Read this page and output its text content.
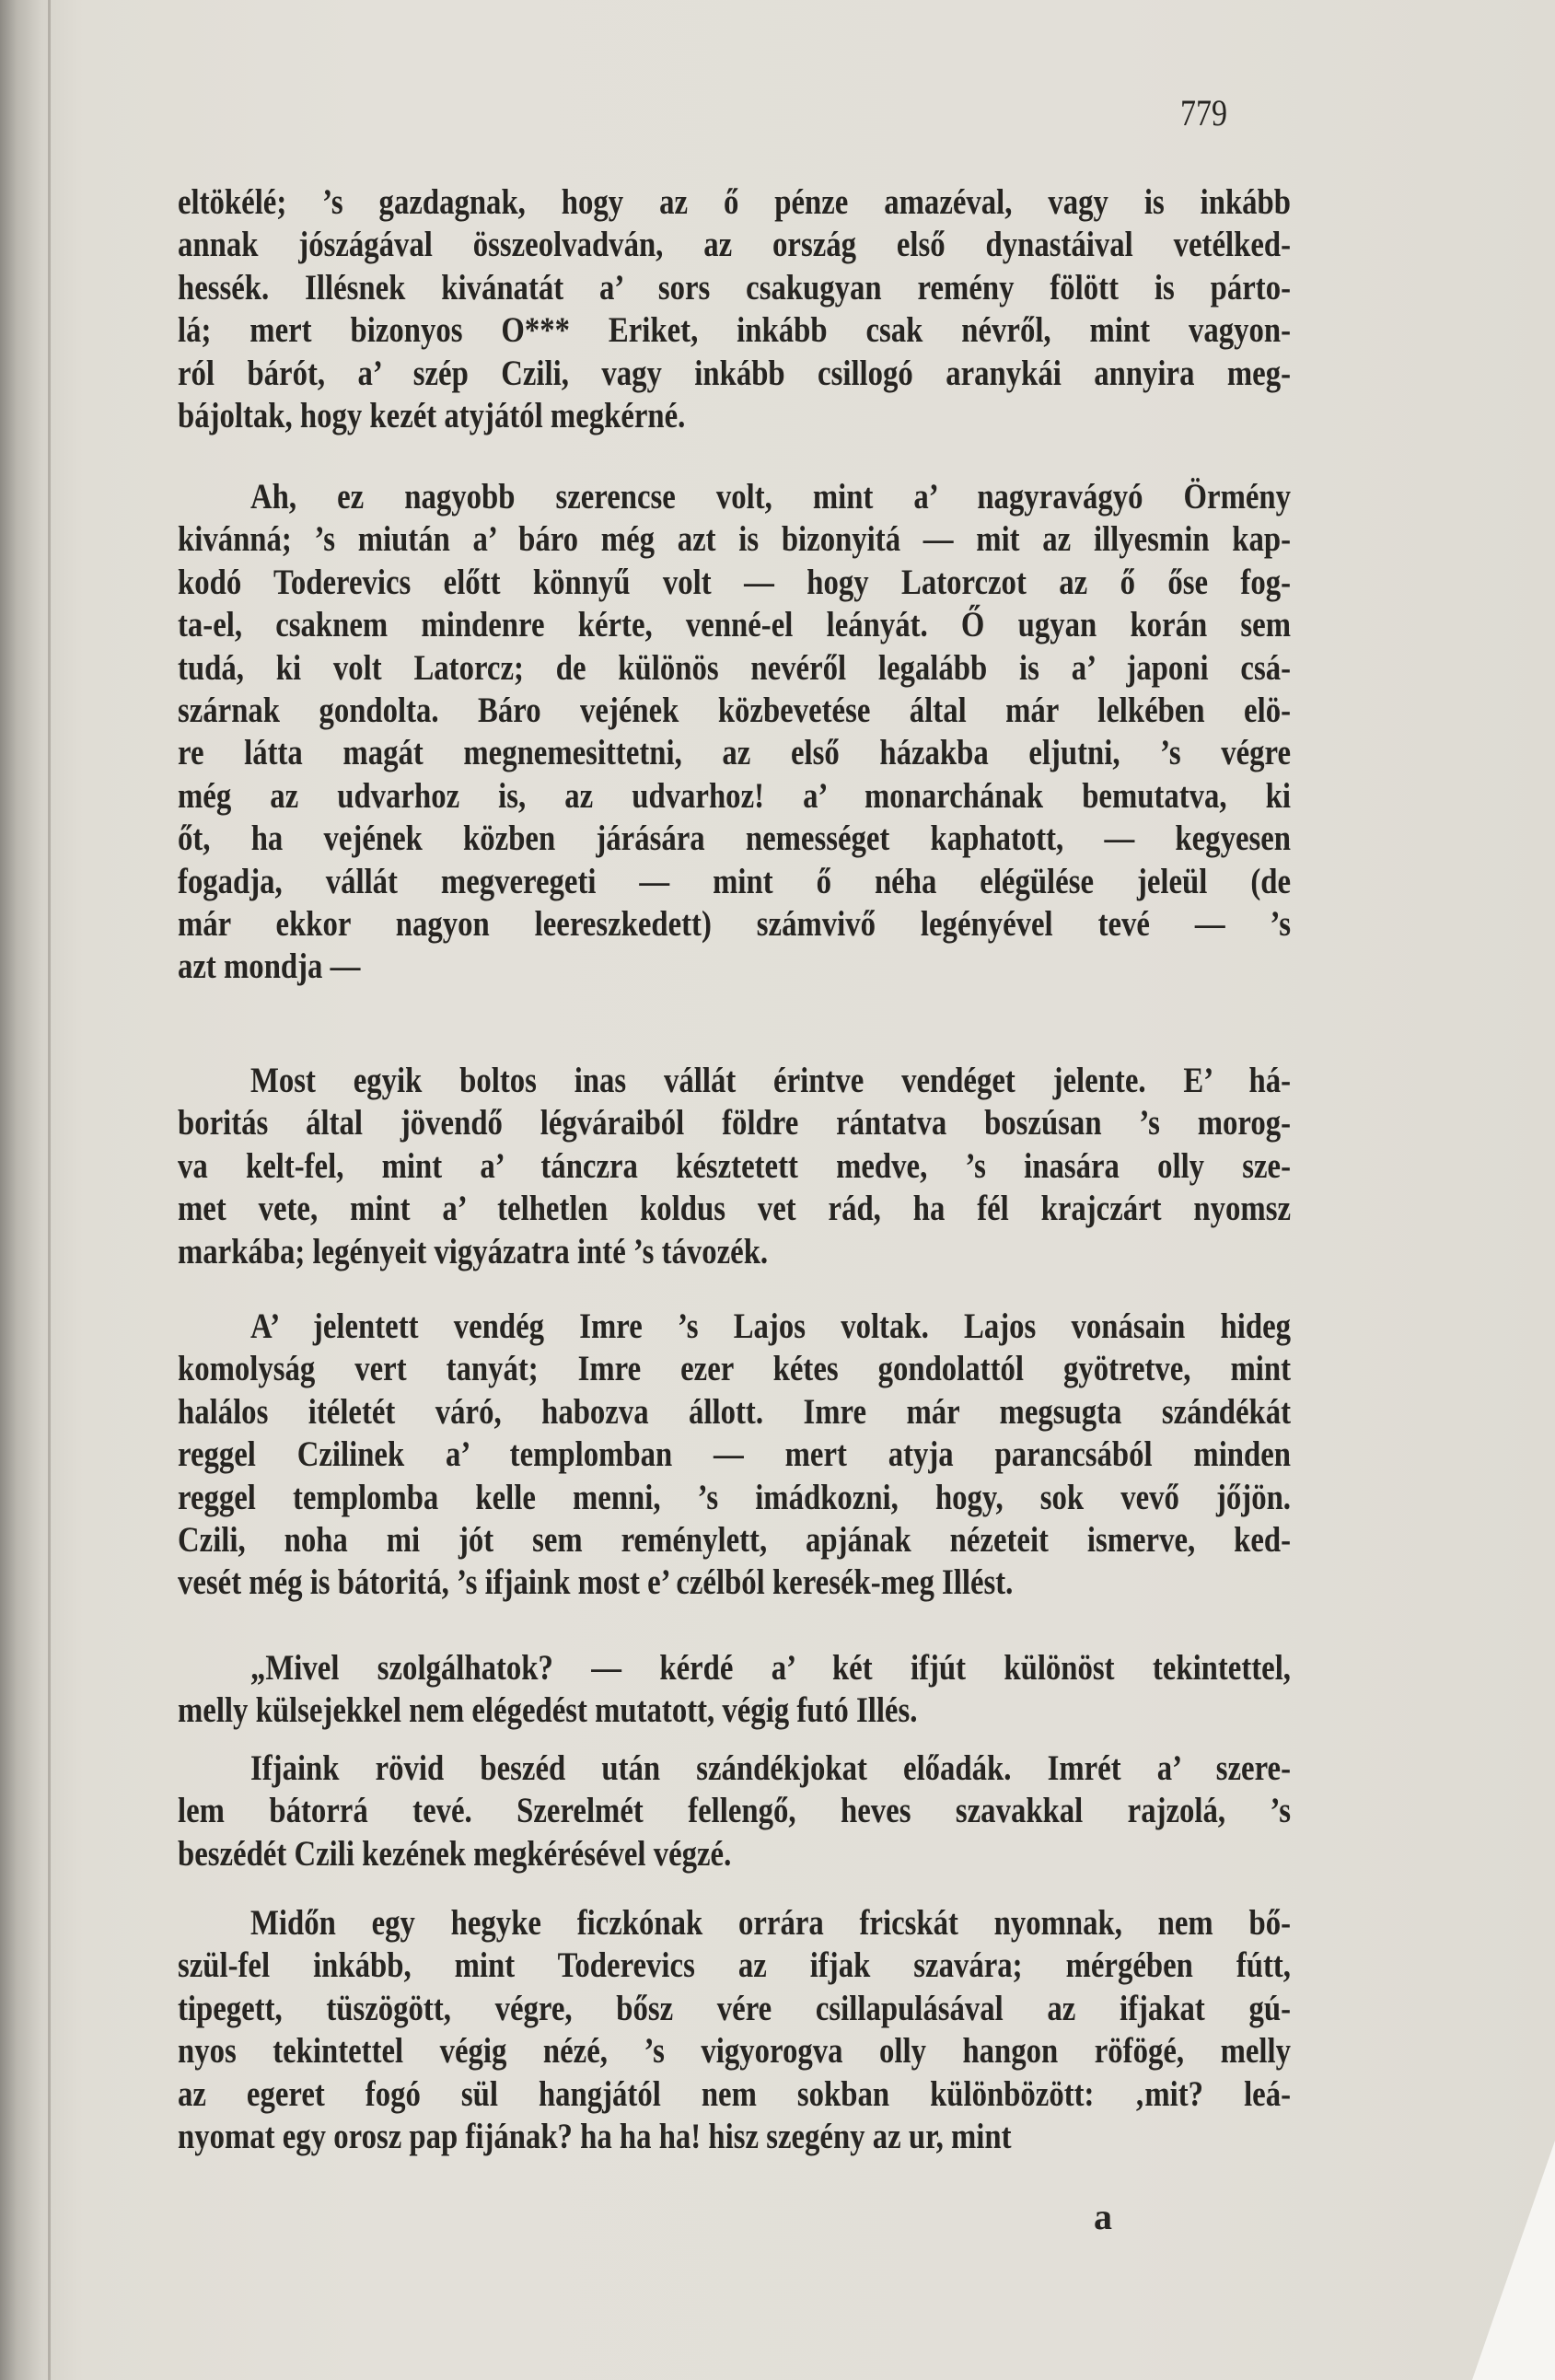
779
eltökélé; ’s gazdagnak, hogy az ő pénze amazéval, vagy is inkább
annak jószágával összeolvadván, az ország első dynastáival vetélked-
hessék. Illésnek kivánatát a’ sors csakugyan remény fölött is párto-
lá; mert bizonyos O*** Eriket, inkább csak névről, mint vagyon-
ról bárót, a’ szép Czili, vagy inkább csillogó aranykái annyira meg-
bájoltak, hogy kezét atyjától megkérné.
Ah, ez nagyobb szerencse volt, mint a’ nagyravágyó Örmény
kivánná; ’s miután a’ báro még azt is bizonyitá — mit az illyesmin kap-
kodó Toderevics előtt könnyű volt — hogy Latorczot az ő őse fog-
ta-el, csaknem mindenre kérte, venné-el leányát. Ő ugyan korán sem
tudá, ki volt Latorcz; de különös nevéről legalább is a’ japoni csá-
szárnak gondolta. Báro vejének közbevetése által már lelkében elö-
re látta magát megnemesittetni, az első házakba eljutni, ’s végre
még az udvarhoz is, az udvarhoz! a’ monarchának bemutatva, ki
őt, ha vejének közben járására nemességet kaphatott, — kegyesen
fogadja, vállát megveregeti — mint ő néha elégülése jeleül (de
már ekkor nagyon leereszkedett) számvivő legényével tevé — ’s
azt mondja —
Most egyik boltos inas vállát érintve vendéget jelente. E’ há-
boritás által jövendő légváraiból földre rántatva boszúsan ’s morog-
va kelt-fel, mint a’ tánczra késztetett medve, ’s inasára olly sze-
met vete, mint a’ telhetlen koldus vet rád, ha fél krajczárt nyomsz
markába; legényeit vigyázatra inté ’s távozék.
A’ jelentett vendég Imre ’s Lajos voltak. Lajos vonásain hideg
komolyság vert tanyát; Imre ezer kétes gondolattól gyötretve, mint
halálos itéletét váró, habozva állott. Imre már megsugta szándékát
reggel Czilinek a’ templomban — mert atyja parancsából minden
reggel templomba kelle menni, ’s imádkozni, hogy, sok vevő jőjön.
Czili, noha mi jót sem reménylett, apjának nézeteit ismerve, ked-
vesét még is bátoritá, ’s ifjaink most e’ czélból keresék-meg Illést.
„Mivel szolgálhatok? — kérdé a’ két ifjút különöst tekintettel,
melly külsejekkel nem elégedést mutatott, végig futó Illés.
Ifjaink rövid beszéd után szándékjokat előadák. Imrét a’ szere-
lem bátorrá tevé. Szerelmét fellengő, heves szavakkal rajzolá, ’s
beszédét Czili kezének megkérésével végzé.
Midőn egy hegyke ficzkónak orrára fricskát nyomnak, nem bő-
szül-fel inkább, mint Toderevics az ifjak szavára; mérgében fútt,
tipegett, tüszögött, végre, bősz vére csillapulásával az ifjakat gú-
nyos tekintettel végig nézé, ’s vigyorogva olly hangon röfögé, melly
az egeret fogó sül hangjától nem sokban különbözött: ‚mit? leá-
nyomat egy orosz pap fijának? ha ha ha! hisz szegény az ur, mint
a
